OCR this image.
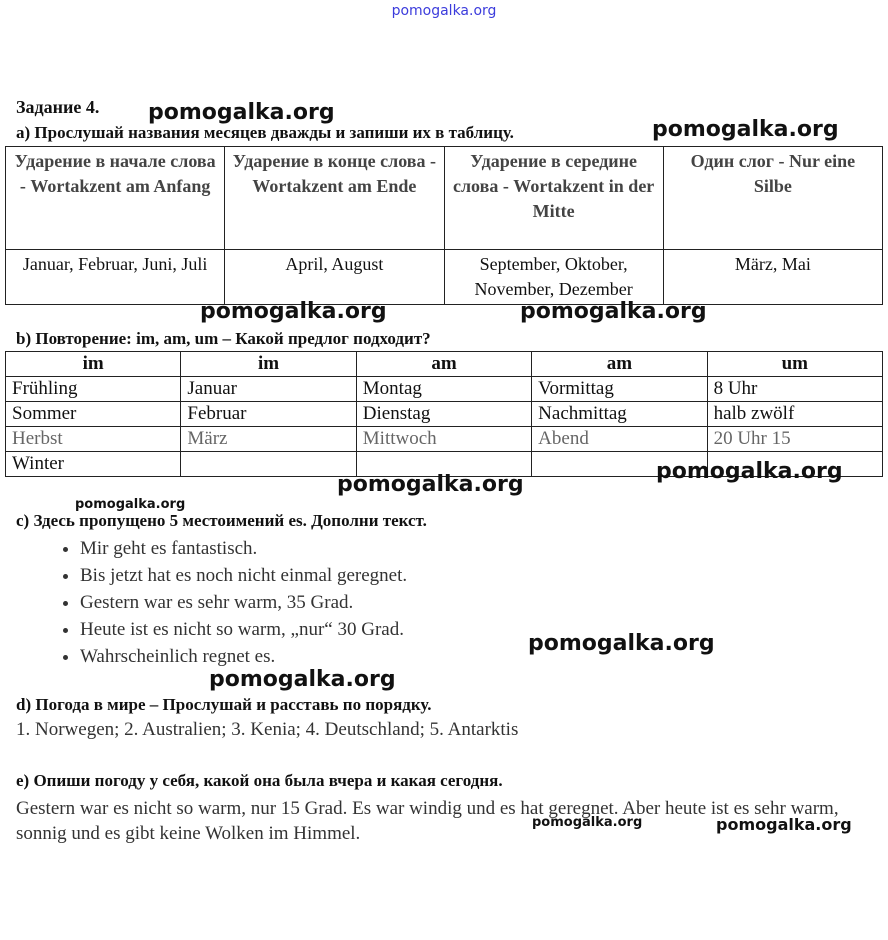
pomogalka.org
Задание 4.
a) Прослушай названия месяцев дважды и запиши их в таблицу.
Ударение в начале слова - Wortakzent am Anfang	Ударение в конце слова - Wortakzent am Ende	Ударение в середине слова - Wortakzent in der Mitte	Один слог - Nur eine Silbe
Januar, Februar, Juni, Juli	April, August	September, Oktober, November, Dezember	März, Mai
b) Повторение: im, am, um – Какой предлог подходит?
im	im	am	am	um
Frühling	Januar	Montag	Vormittag	8 Uhr
Sommer	Februar	Dienstag	Nachmittag	halb zwölf
Herbst	März	Mittwoch	Abend	20 Uhr 15
Winter				
c) Здесь пропущено 5 местоимений es. Дополни текст.
• Mir geht es fantastisch.
• Bis jetzt hat es noch nicht einmal geregnet.
• Gestern war es sehr warm, 35 Grad.
• Heute ist es nicht so warm, „nur“ 30 Grad.
• Wahrscheinlich regnet es.
d) Погода в мире – Прослушай и расставь по порядку.
1. Norwegen; 2. Australien; 3. Kenia; 4. Deutschland; 5. Antarktis
e) Опиши погоду у себя, какой она была вчера и какая сегодня.
Gestern war es nicht so warm, nur 15 Grad. Es war windig und es hat geregnet. Aber heute ist es sehr warm, sonnig und es gibt keine Wolken im Himmel.
pomogalka.org
pomogalka.org
pomogalka.org	pomogalka.org
pomogalka.org
pomogalka.org
pomogalka.org
pomogalka.org
pomogalka.org
pomogalka.org	pomogalka.org
